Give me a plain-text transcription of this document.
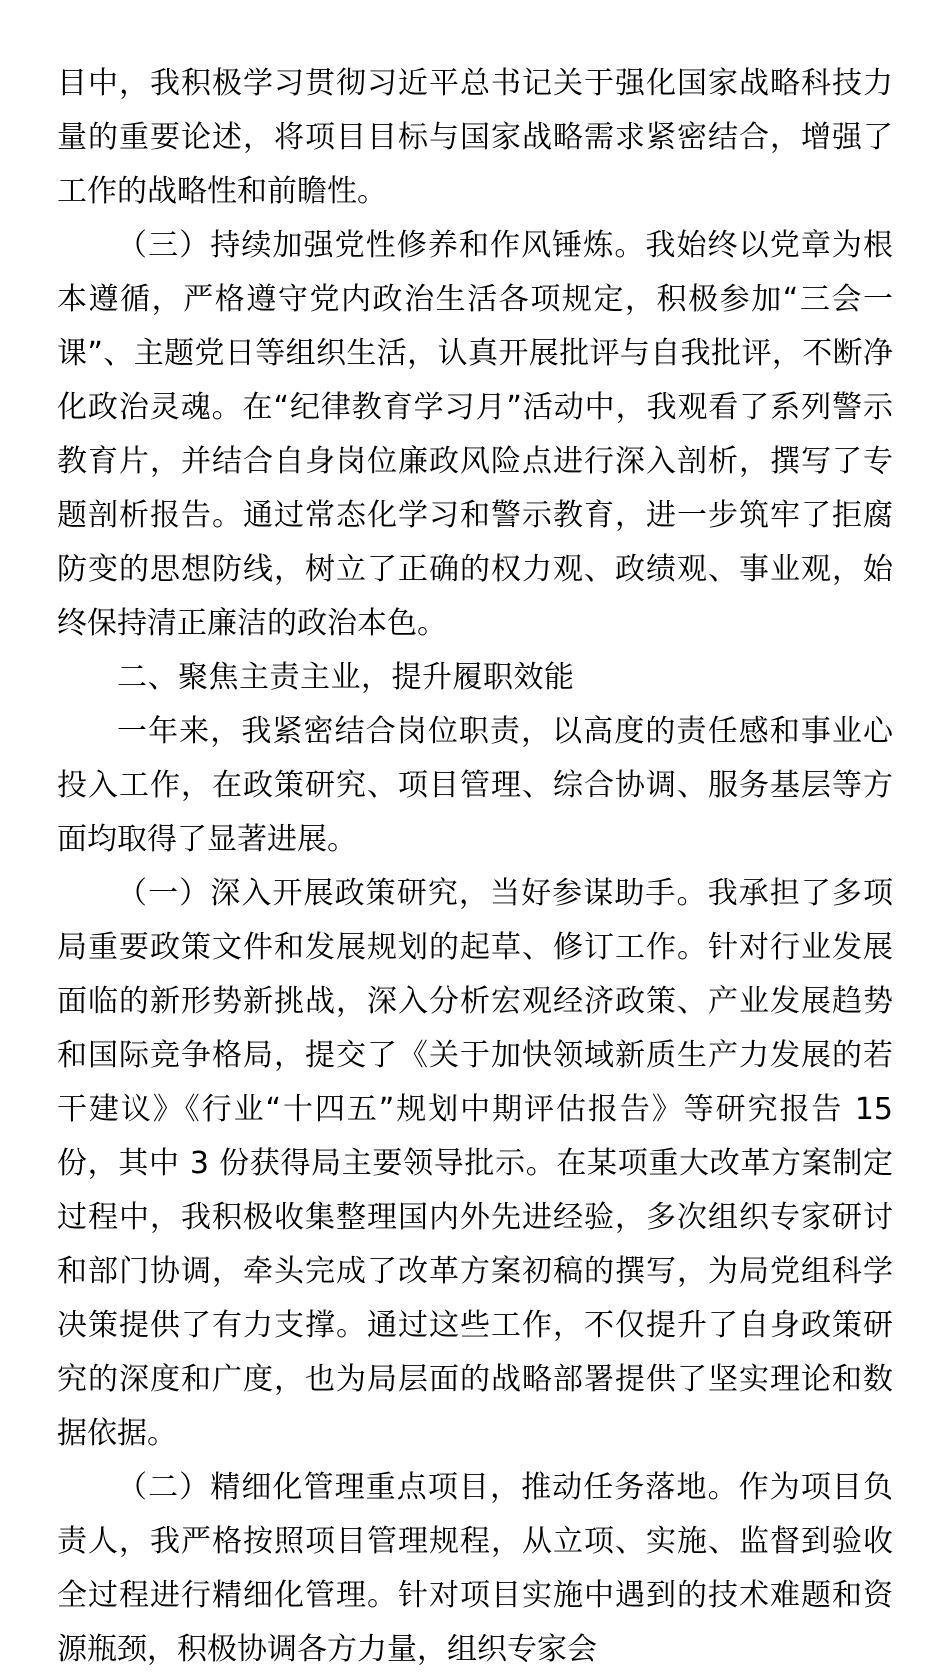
目中，我积极学习贯彻习近平总书记关于强化国家战略科技力量的重要论述，将项目目标与国家战略需求紧密结合，增强了工作的战略性和前瞻性。

（三）持续加强党性修养和作风锤炼。我始终以党章为根本遵循，严格遵守党内政治生活各项规定，积极参加“三会一课”、主题党日等组织生活，认真开展批评与自我批评，不断净化政治灵魂。在“纪律教育学习月”活动中，我观看了系列警示教育片，并结合自身岗位廉政风险点进行深入剖析，撰写了专题剖析报告。通过常态化学习和警示教育，进一步筑牢了拒腐防变的思想防线，树立了正确的权力观、政绩观、事业观，始终保持清正廉洁的政治本色。

二、聚焦主责主业，提升履职效能

一年来，我紧密结合岗位职责，以高度的责任感和事业心投入工作，在政策研究、项目管理、综合协调、服务基层等方面均取得了显著进展。

（一）深入开展政策研究，当好参谋助手。我承担了多项局重要政策文件和发展规划的起草、修订工作。针对行业发展面临的新形势新挑战，深入分析宏观经济政策、产业发展趋势和国际竞争格局，提交了《关于加快领域新质生产力发展的若干建议》《行业“十四五”规划中期评估报告》等研究报告 15 份，其中 3 份获得局主要领导批示。在某项重大改革方案制定过程中，我积极收集整理国内外先进经验，多次组织专家研讨和部门协调，牵头完成了改革方案初稿的撰写，为局党组科学决策提供了有力支撑。通过这些工作，不仅提升了自身政策研究的深度和广度，也为局层面的战略部署提供了坚实理论和数据依据。

（二）精细化管理重点项目，推动任务落地。作为项目负责人，我严格按照项目管理规程，从立项、实施、监督到验收全过程进行精细化管理。针对项目实施中遇到的技术难题和资源瓶颈，积极协调各方力量，组织专家会
